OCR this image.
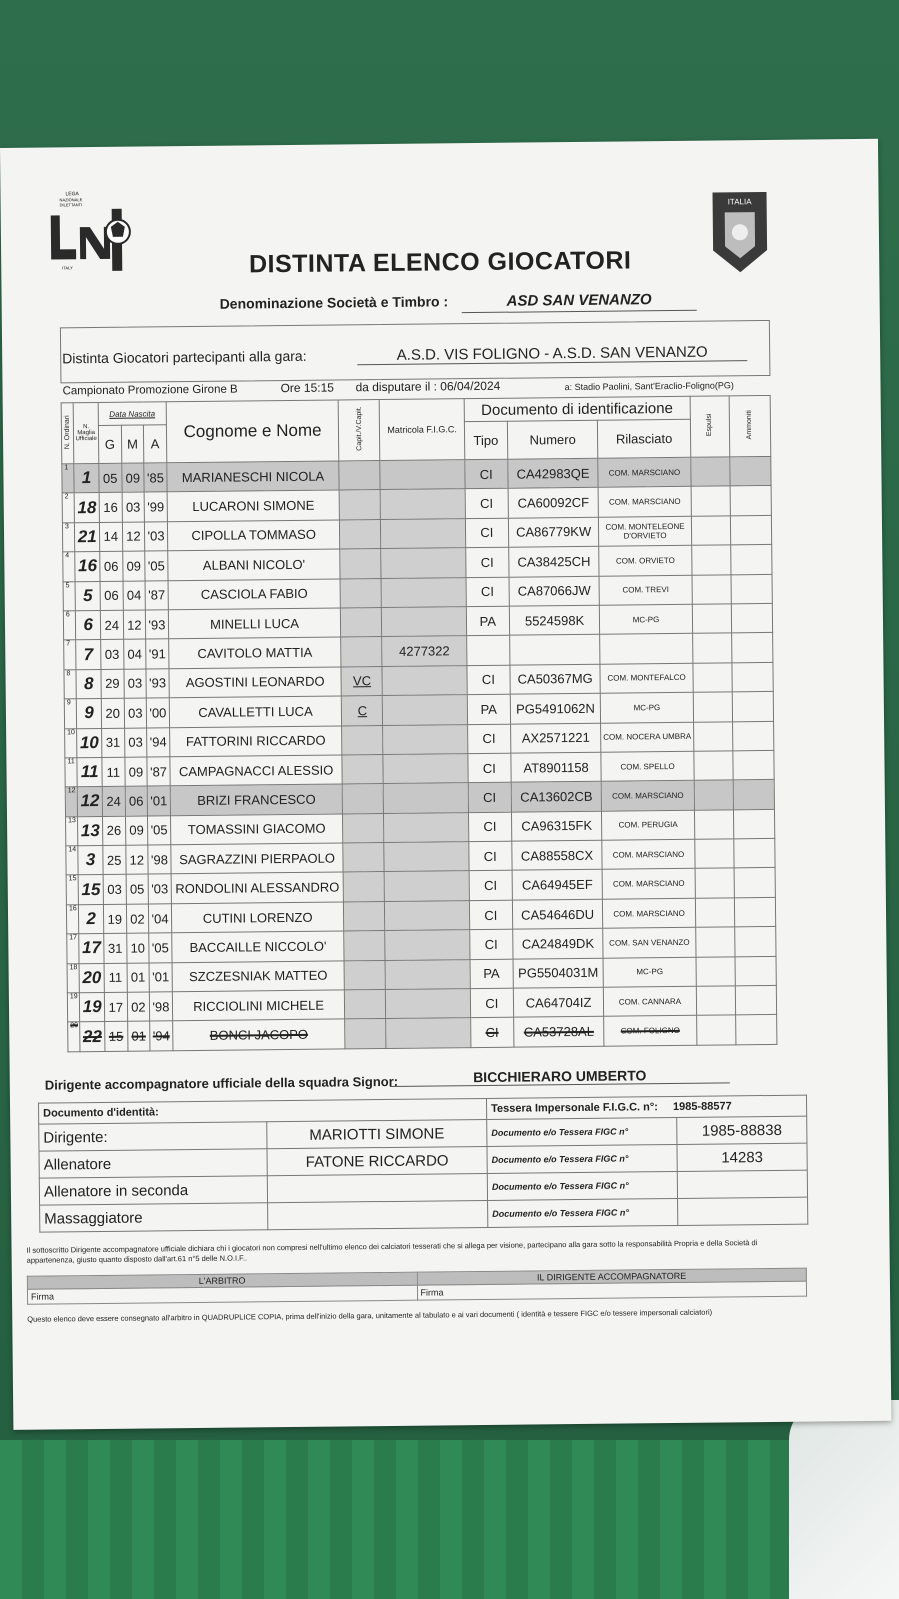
LEGA
NAZIONALE
DILETTANTI
ITALY
ITALIA
DISTINTA ELENCO GIOCATORI
Denominazione Società e Timbro :	ASD SAN VENANZO
Distinta Giocatori partecipanti alla gara:	A.S.D. VIS FOLIGNO - A.S.D. SAN VENANZO
Campionato Promozione Girone B	Ore 15:15 da disputare il : 06/04/2024	a: Stadio Paolini, Sant'Eraclio-Foligno(PG)
N. Ordinari	N. Maglia Ufficiale	Data Nascita			Cognome e Nome	Capit./V.Capit.	Matricola F.I.G.C.	Documento di identificazione			Espulsi	Ammoniti
		G	M	A				Tipo	Numero	Rilasciato		
1	1	05	09	'85	MARIANESCHI NICOLA			CI	CA42983QE	COM. MARSCIANO		
2	18	16	03	'99	LUCARONI SIMONE			CI	CA60092CF	COM. MARSCIANO		
3	21	14	12	'03	CIPOLLA TOMMASO			CI	CA86779KW	COM. MONTELEONE D'ORVIETO		
4	16	06	09	'05	ALBANI NICOLO'			CI	CA38425CH	COM. ORVIETO		
5	5	06	04	'87	CASCIOLA FABIO			CI	CA87066JW	COM. TREVI		
6	6	24	12	'93	MINELLI LUCA			PA	5524598K	MC-PG		
7	7	03	04	'91	CAVITOLO MATTIA		4277322					
8	8	29	03	'93	AGOSTINI LEONARDO	VC		CI	CA50367MG	COM. MONTEFALCO		
9	9	20	03	'00	CAVALLETTI LUCA	C		PA	PG5491062N	MC-PG		
10	10	31	03	'94	FATTORINI RICCARDO			CI	AX2571221	COM. NOCERA UMBRA		
11	11	11	09	'87	CAMPAGNACCI ALESSIO			CI	AT8901158	COM. SPELLO		
12	12	24	06	'01	BRIZI FRANCESCO			CI	CA13602CB	COM. MARSCIANO		
13	13	26	09	'05	TOMASSINI GIACOMO			CI	CA96315FK	COM. PERUGIA		
14	3	25	12	'98	SAGRAZZINI PIERPAOLO			CI	CA88558CX	COM. MARSCIANO		
15	15	03	05	'03	RONDOLINI ALESSANDRO			CI	CA64945EF	COM. MARSCIANO		
16	2	19	02	'04	CUTINI LORENZO			CI	CA54646DU	COM. MARSCIANO		
17	17	31	10	'05	BACCAILLE NICCOLO'			CI	CA24849DK	COM. SAN VENANZO		
18	20	11	01	'01	SZCZESNIAK MATTEO			PA	PG5504031M	MC-PG		
19	19	17	02	'98	RICCIOLINI MICHELE			CI	CA64704IZ	COM. CANNARA		
20	22	15	01	'94	BONCI JACOPO			CI	CA53728AL	COM. FOLIGNO		
Dirigente accompagnatore ufficiale della squadra Signor:	BICCHIERARO UMBERTO
Documento d'identità:		Tessera Impersonale F.I.G.C. n°: 1985-88577	
Dirigente:	MARIOTTI SIMONE	Documento e/o Tessera FIGC n°	1985-88838
Allenatore	FATONE RICCARDO	Documento e/o Tessera FIGC n°	14283
Allenatore in seconda		Documento e/o Tessera FIGC n°	
Massaggiatore		Documento e/o Tessera FIGC n°	
Il sottoscritto Dirigente accompagnatore ufficiale dichiara chi i giocatori non compresi nell'ultimo elenco dei calciatori tesserati che si allega per visione, partecipano alla gara sotto la responsabilità Propria e della Società di appartenenza, giusto quanto disposto dall'art.61 n°5 delle N.O.I.F..
L'ARBITRO	IL DIRIGENTE ACCOMPAGNATORE
Firma	Firma
Questo elenco deve essere consegnato all'arbitro in QUADRUPLICE COPIA, prima dell'inizio della gara, unitamente al tabulato e ai vari documenti ( identità e tessere FIGC e/o tessere impersonali calciatori)
